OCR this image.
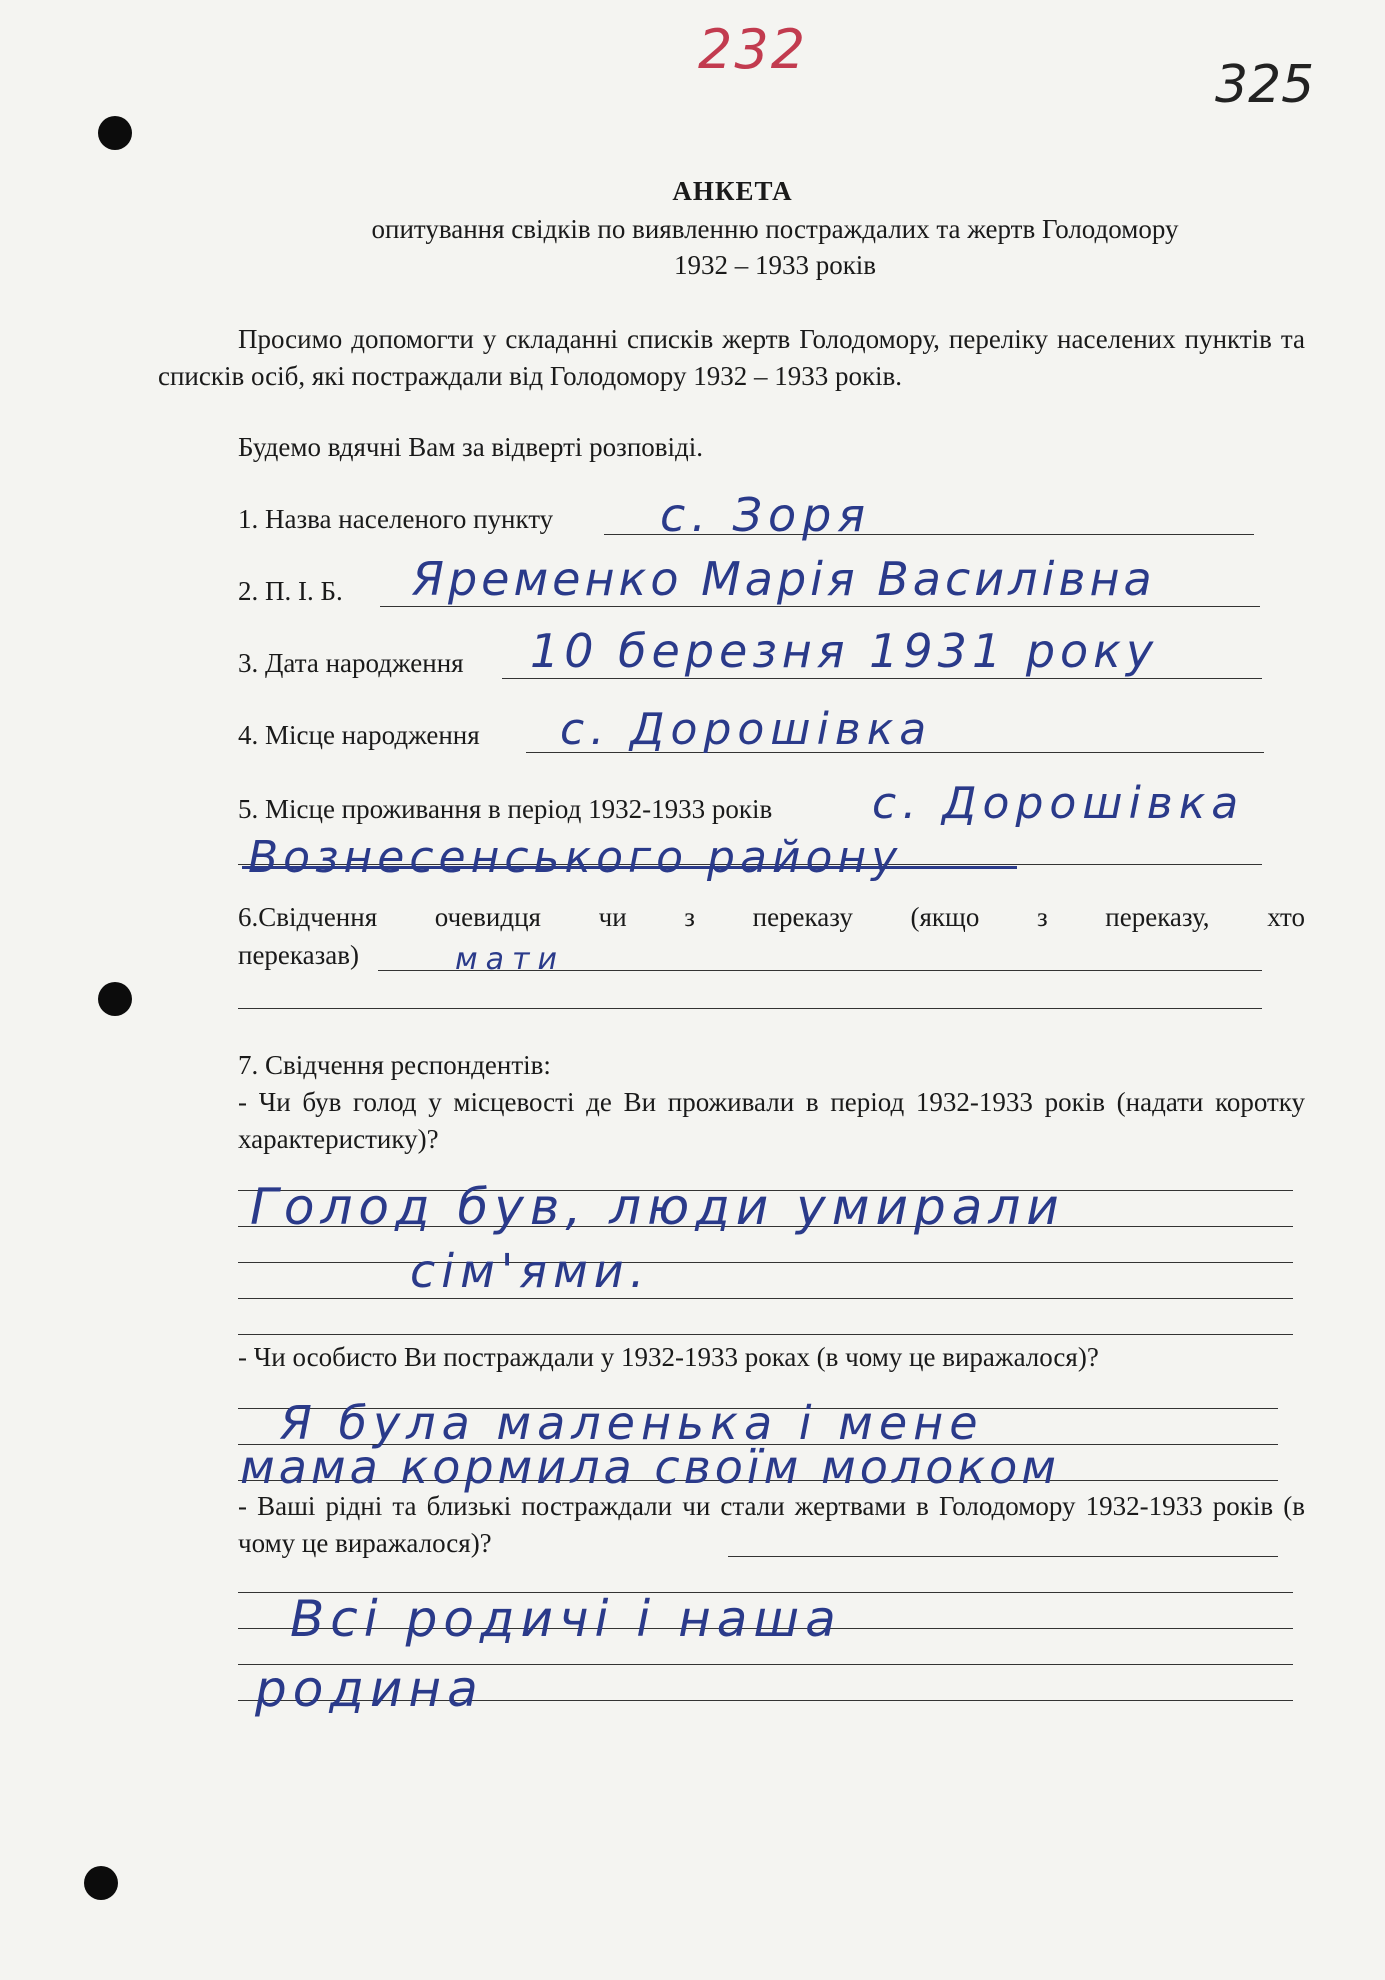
232
325
АНКЕТА
опитування свідків по виявленню постраждалих та жертв Голодомору
1932 – 1933 років
Просимо допомогти у складанні списків жертв Голодомору, переліку населених пунктів та списків осіб, які постраждали від Голодомору 1932 – 1933 років.
Будемо вдячні Вам за відверті розповіді.
1. Назва населеного пункту с. Зоря
2. П. І. Б. Яременко Марія Василівна
3. Дата народження 10 березня 1931 року
4. Місце народження с. Дорошівка
5. Місце проживання в період 1932-1933 років с. Дорошівка
Вознесенського району
6.Свідчення очевидця чи з переказу (якщо з переказу, хто
переказав)	мати
7. Свідчення респондентів:
- Чи був голод у місцевості де Ви проживали в період 1932-1933 років (надати коротку характеристику)?
Голод був, люди умирали
сім'ями.
- Чи особисто Ви постраждали у 1932-1933 роках (в чому це виражалося)?
Я була маленька і мене
мама кормила своїм молоком
- Ваші рідні та близькі постраждали чи стали жертвами в Голодомору 1932-1933 років (в чому це виражалося)?
Всі родичі і наша
родина
